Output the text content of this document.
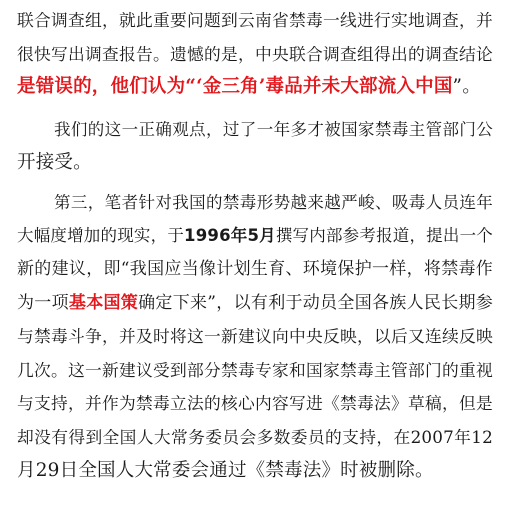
联合调查组，就此重要问题到云南省禁毒一线进行实地调查，并
很快写出调查报告。遗憾的是，中央联合调查组得出的调查结论
是错误的，他们认为“‘金三角’毒品并未大部流入中国”。
我们的这一正确观点，过了一年多才被国家禁毒主管部门公
开接受。
第三，笔者针对我国的禁毒形势越来越严峻、吸毒人员连年
大幅度增加的现实，于1996年5月撰写内部参考报道，提出一个
新的建议，即“我国应当像计划生育、环境保护一样，将禁毒作
为一项基本国策确定下来”，以有利于动员全国各族人民长期参
与禁毒斗争，并及时将这一新建议向中央反映，以后又连续反映
几次。这一新建议受到部分禁毒专家和国家禁毒主管部门的重视
与支持，并作为禁毒立法的核心内容写进《禁毒法》草稿，但是
却没有得到全国人大常务委员会多数委员的支持，在2007年12
月29日全国人大常委会通过《禁毒法》时被删除。
